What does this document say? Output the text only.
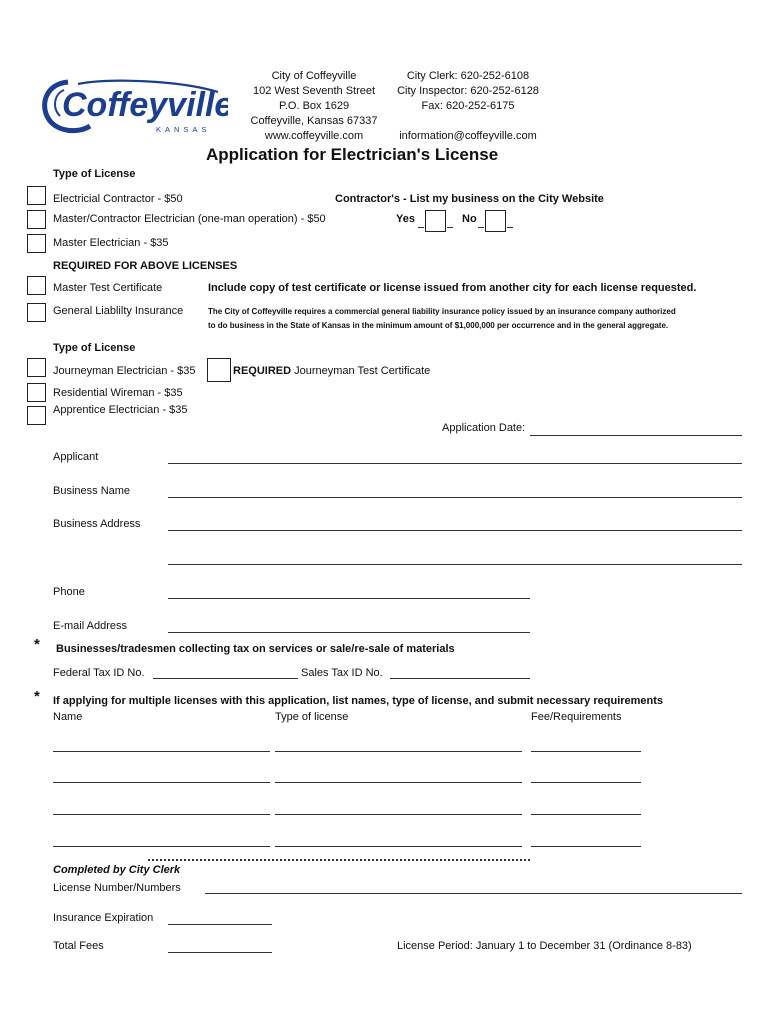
Coffeyville
KANSAS
City of Coffeyville
102 West Seventh Street
P.O. Box 1629
Coffeyville, Kansas 67337
www.coffeyville.com
City Clerk: 620-252-6108
City Inspector: 620-252-6128
Fax: 620-252-6175
information@coffeyville.com
Application for Electrician's License
Type of License
Electricial Contractor - $50	Contractor's - List my business on the City Website
Master/Contractor Electrician (one-man operation) - $50	Yes	No
Master Electrician - $35
REQUIRED FOR ABOVE LICENSES
Master Test Certificate	Include copy of test certificate or license issued from another city for each license requested.
General Liablilty Insurance	The City of Coffeyville requires a commercial general liability insurance policy issued by an insurance company authorized
to do business in the State of Kansas in the minimum amount of $1,000,000 per occurrence and in the general aggregate.
Type of License
Journeyman Electrician - $35	REQUIRED Journeyman Test Certificate
Residential Wireman - $35
Apprentice Electrician - $35
Application Date:
Applicant
Business Name
Business Address
Phone
E-mail Address
* Businesses/tradesmen collecting tax on services or sale/re-sale of materials
Federal Tax ID No.	Sales Tax ID No.
* If applying for multiple licenses with this application, list names, type of license, and submit necessary requirements
Name	Type of license	Fee/Requirements
Completed by City Clerk
License Number/Numbers
Insurance Expiration
Total Fees	License Period: January 1 to December 31 (Ordinance 8-83)
